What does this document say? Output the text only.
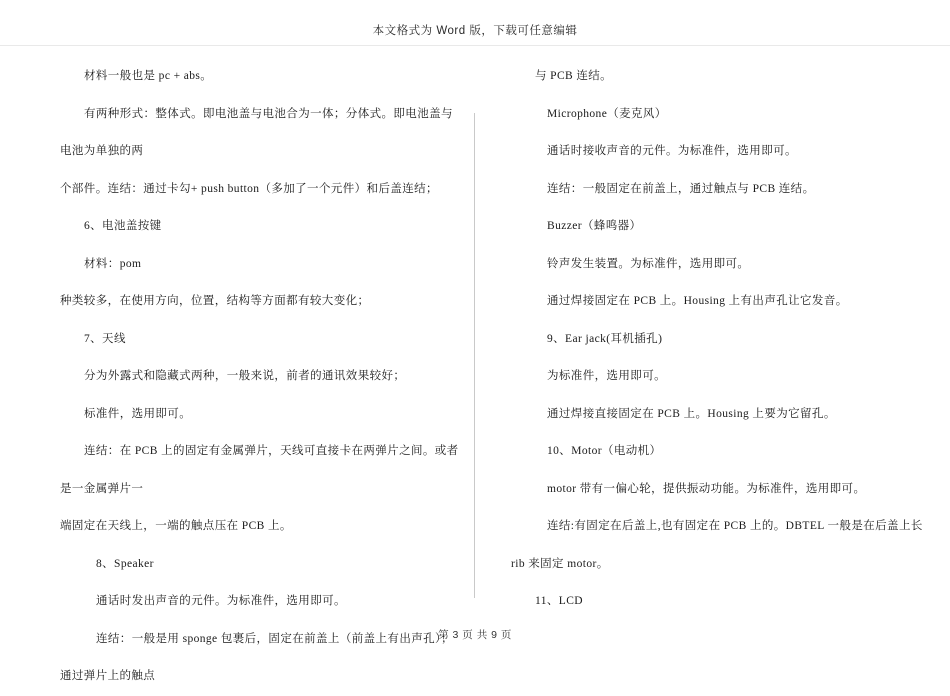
本文格式为 Word 版，下载可任意编辑

材料一般也是 pc + abs。

有两种形式：整体式。即电池盖与电池合为一体；分体式。即电池盖与电池为单独的两

个部件。连结：通过卡勾+ push button（多加了一个元件）和后盖连结；

6、电池盖按键

材料：pom

种类较多，在使用方向，位置，结构等方面都有较大变化；

7、天线

分为外露式和隐藏式两种，一般来说，前者的通讯效果较好；

标准件，选用即可。

连结：在 PCB 上的固定有金属弹片，天线可直接卡在两弹片之间。或者是一金属弹片一

端固定在天线上，一端的触点压在 PCB 上。

8、Speaker

通话时发出声音的元件。为标准件，选用即可。

连结：一般是用 sponge 包裹后，固定在前盖上（前盖上有出声孔）；通过弹片上的触点

与 PCB 连结。

Microphone（麦克风）

通话时接收声音的元件。为标准件，选用即可。

连结：一般固定在前盖上，通过触点与 PCB 连结。

Buzzer（蜂鸣器）

铃声发生装置。为标准件，选用即可。

通过焊接固定在 PCB 上。Housing 上有出声孔让它发音。

9、Ear jack(耳机插孔)

为标准件，选用即可。

通过焊接直接固定在 PCB 上。Housing 上要为它留孔。

10、Motor（电动机）

motor 带有一偏心轮，提供振动功能。为标准件，选用即可。

连结:有固定在后盖上,也有固定在 PCB 上的。DBTEL 一般是在后盖上长 rib 来固定 motor。

11、LCD

第 3 页 共 9 页
